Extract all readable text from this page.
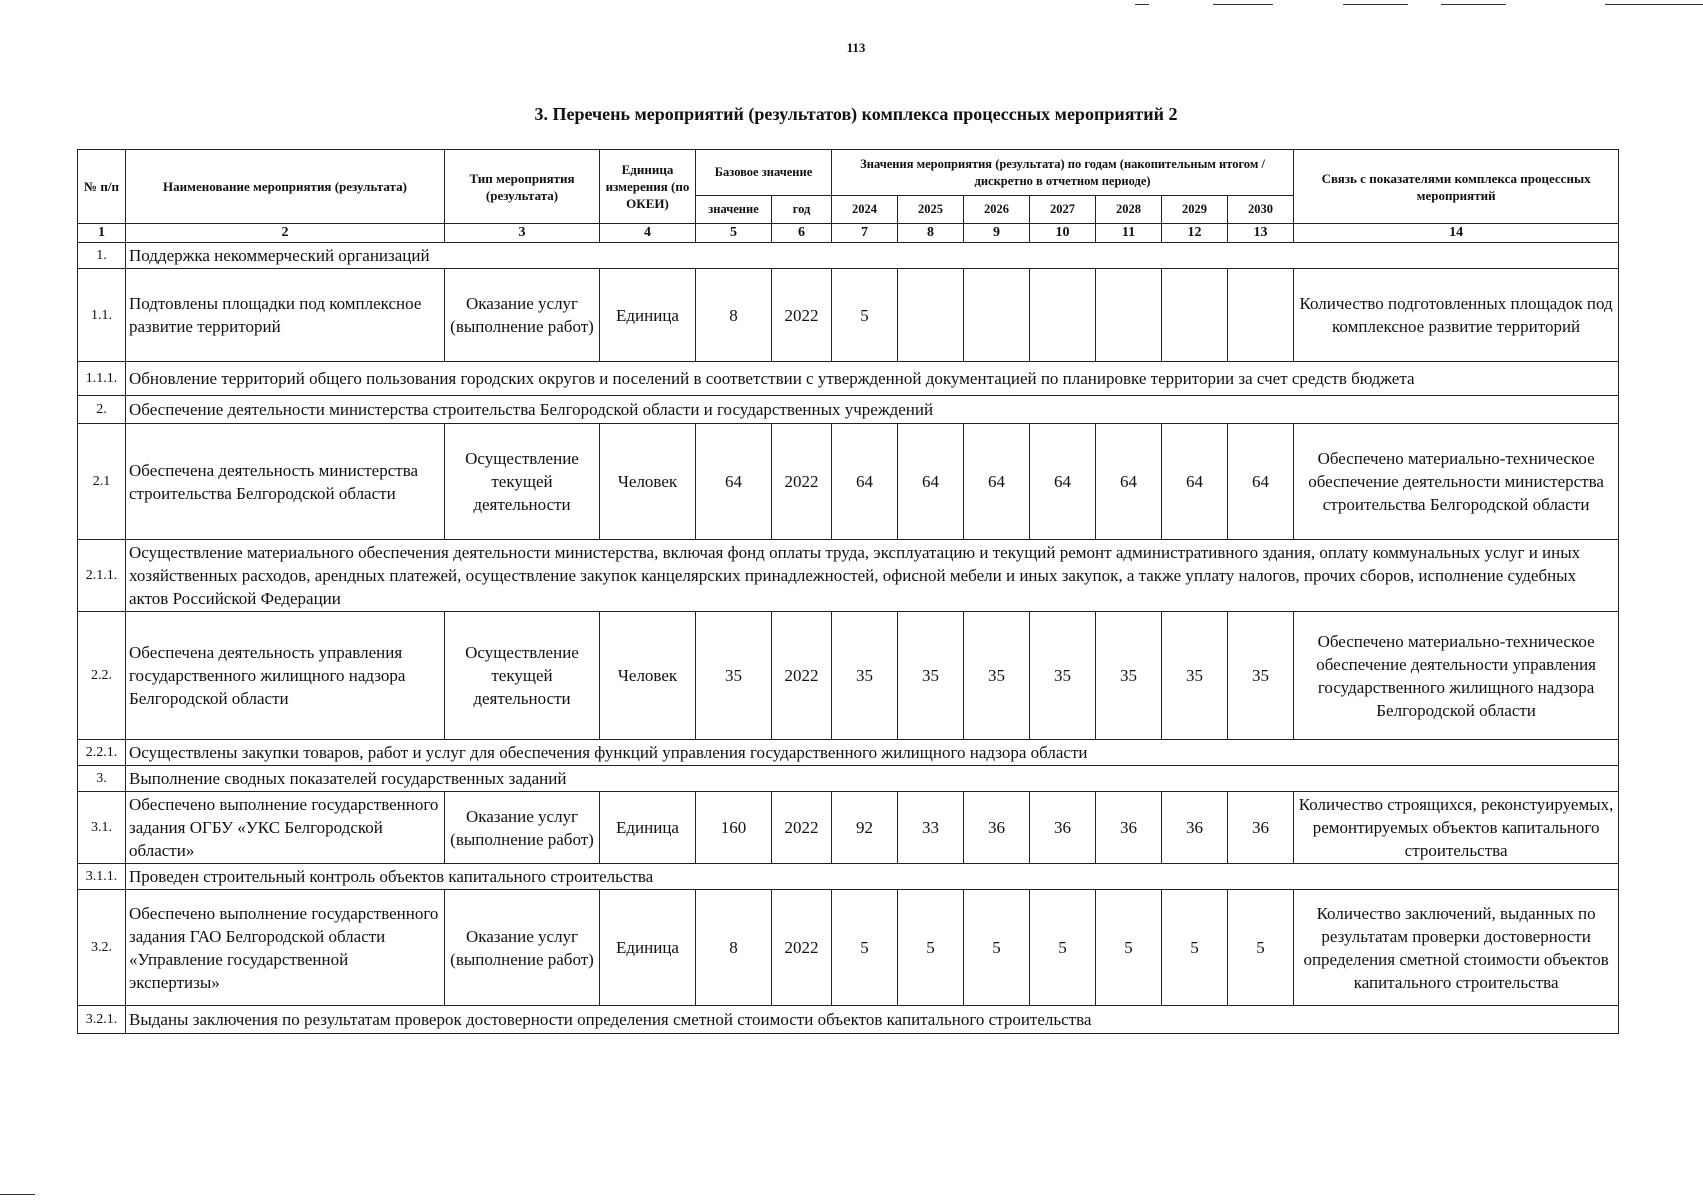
113
3. Перечень мероприятий (результатов) комплекса процессных мероприятий 2
№ п/п	Наименование мероприятия (результата)	Тип мероприятия (результата)	Единица измерения (по ОКЕИ)	Базовое значение		Значения мероприятия (результата) по годам (накопительным итогом / дискретно в отчетном периоде)							Связь с показателями комплекса процессных мероприятий
				значение	год	2024	2025	2026	2027	2028	2029	2030	
1	2	3	4	5	6	7	8	9	10	11	12	13	14
1.	Поддержка некоммерческий организаций												
1.1.	Подтовлены площадки под комплексное развитие территорий	Оказание услуг (выполнение работ)	Единица	8	2022	5							Количество подготовленных площадок под комплексное развитие территорий
1.1.1.	Обновление территорий общего пользования городских округов и поселений в соответствии с утвержденной документацией по планировке территории за счет средств бюджета												
2.	Обеспечение деятельности министерства строительства Белгородской области и государственных учреждений												
2.1	Обеспечена деятельность министерства строительства Белгородской области	Осуществление текущей деятельности	Человек	64	2022	64	64	64	64	64	64	64	Обеспечено материально-техническое обеспечение деятельности министерства строительства Белгородской области
2.1.1.	Осуществление материального обеспечения деятельности министерства, включая фонд оплаты труда, эксплуатацию и текущий ремонт административного здания, оплату коммунальных услуг и иных хозяйственных расходов, арендных платежей, осуществление закупок канцелярских принадлежностей, офисной мебели и иных закупок, а также уплату налогов, прочих сборов, исполнение судебных актов Российской Федерации												
2.2.	Обеспечена деятельность управления государственного жилищного надзора Белгородской области	Осуществление текущей деятельности	Человек	35	2022	35	35	35	35	35	35	35	Обеспечено материально-техническое обеспечение деятельности управления государственного жилищного надзора Белгородской области
2.2.1.	Осуществлены закупки товаров, работ и услуг для обеспечения функций управления государственного жилищного надзора области												
3.	Выполнение сводных показателей государственных заданий												
3.1.	Обеспечено выполнение государственного задания ОГБУ «УКС Белгородской области»	Оказание услуг (выполнение работ)	Единица	160	2022	92	33	36	36	36	36	36	Количество строящихся, реконстуируемых, ремонтируемых объектов капитального строительства
3.1.1.	Проведен строительный контроль объектов капитального строительства												
3.2.	Обеспечено выполнение государственного задания ГАО Белгородской области «Управление государственной экспертизы»	Оказание услуг (выполнение работ)	Единица	8	2022	5	5	5	5	5	5	5	Количество заключений, выданных по результатам проверки достоверности определения сметной стоимости объектов капитального строительства
3.2.1.	Выданы заключения по результатам проверок достоверности определения сметной стоимости объектов капитального строительства												
